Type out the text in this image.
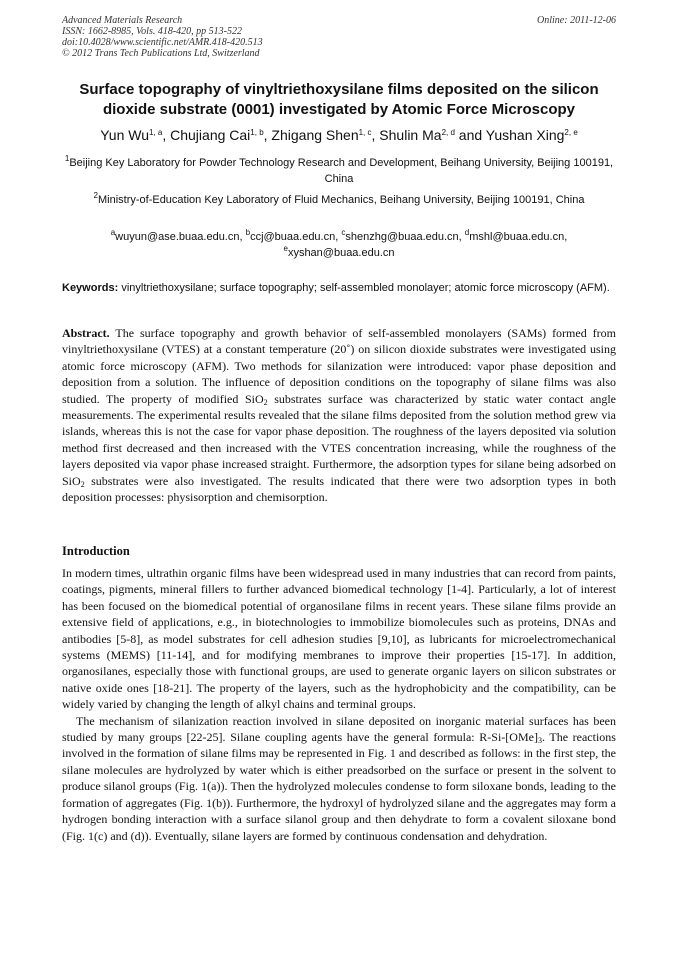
Advanced Materials Research
ISSN: 1662-8985, Vols. 418-420, pp 513-522
doi:10.4028/www.scientific.net/AMR.418-420.513
© 2012 Trans Tech Publications Ltd, Switzerland
Online: 2011-12-06
Surface topography of vinyltriethoxysilane films deposited on the silicon dioxide substrate (0001) investigated by Atomic Force Microscopy
Yun Wu$^{1, a}$, Chujiang Cai$^{1, b}$, Zhigang Shen$^{1, c}$, Shulin Ma$^{2, d}$ and Yushan Xing$^{2, e}$
$^1$Beijing Key Laboratory for Powder Technology Research and Development, Beihang University, Beijing 100191, China
$^2$Ministry-of-Education Key Laboratory of Fluid Mechanics, Beihang University, Beijing 100191, China
$^a$wuyun@ase.buaa.edu.cn, $^b$ccj@buaa.edu.cn, $^c$shenzhg@buaa.edu.cn, $^d$mshl@buaa.edu.cn, $^e$xyshan@buaa.edu.cn
Keywords: vinyltriethoxysilane; surface topography; self-assembled monolayer; atomic force microscopy (AFM).
Abstract. The surface topography and growth behavior of self-assembled monolayers (SAMs) formed from vinyltriethoxysilane (VTES) at a constant temperature (20˚) on silicon dioxide substrates were investigated using atomic force microscopy (AFM). Two methods for silanization were introduced: vapor phase deposition and deposition from a solution. The influence of deposition conditions on the topography of silane films was also studied. The property of modified SiO$_2$ substrates surface was characterized by static water contact angle measurements. The experimental results revealed that the silane films deposited from the solution method grew via islands, whereas this is not the case for vapor phase deposition. The roughness of the layers deposited via solution method first decreased and then increased with the VTES concentration increasing, while the roughness of the layers deposited via vapor phase increased straight. Furthermore, the adsorption types for silane being adsorbed on SiO$_2$ substrates were also investigated. The results indicated that there were two adsorption types in both deposition processes: physisorption and chemisorption.
Introduction

In modern times, ultrathin organic films have been widespread used in many industries that can record from paints, coatings, pigments, mineral fillers to further advanced biomedical technology [1-4]. Particularly, a lot of interest has been focused on the biomedical potential of organosilane films in recent years. These silane films provide an extensive field of applications, e.g., in biotechnologies to immobilize biomolecules such as proteins, DNAs and antibodies [5-8], as model substrates for cell adhesion studies [9,10], as lubricants for microelectromechanical systems (MEMS) [11-14], and for modifying membranes to improve their properties [15-17]. In addition, organosilanes, especially those with functional groups, are used to generate organic layers on silicon substrates or native oxide ones [18-21]. The property of the layers, such as the hydrophobicity and the compatibility, can be widely varied by changing the length of alkyl chains and terminal groups.

The mechanism of silanization reaction involved in silane deposited on inorganic material surfaces has been studied by many groups [22-25]. Silane coupling agents have the general formula: $R-Si-[OMe]_3$. The reactions involved in the formation of silane films may be represented in Fig. 1 and described as follows: in the first step, the silane molecules are hydrolyzed by water which is either preadsorbed on the surface or present in the solvent to produce silanol groups (Fig. 1(a)). Then the hydrolyzed molecules condense to form siloxane bonds, leading to the formation of aggregates (Fig. 1(b)). Furthermore, the hydroxyl of hydrolyzed silane and the aggregates may form a hydrogen bonding interaction with a surface silanol group and then dehydrate to form a covalent siloxane bond (Fig. 1(c) and (d)). Eventually, silane layers are formed by continuous condensation and dehydration.
